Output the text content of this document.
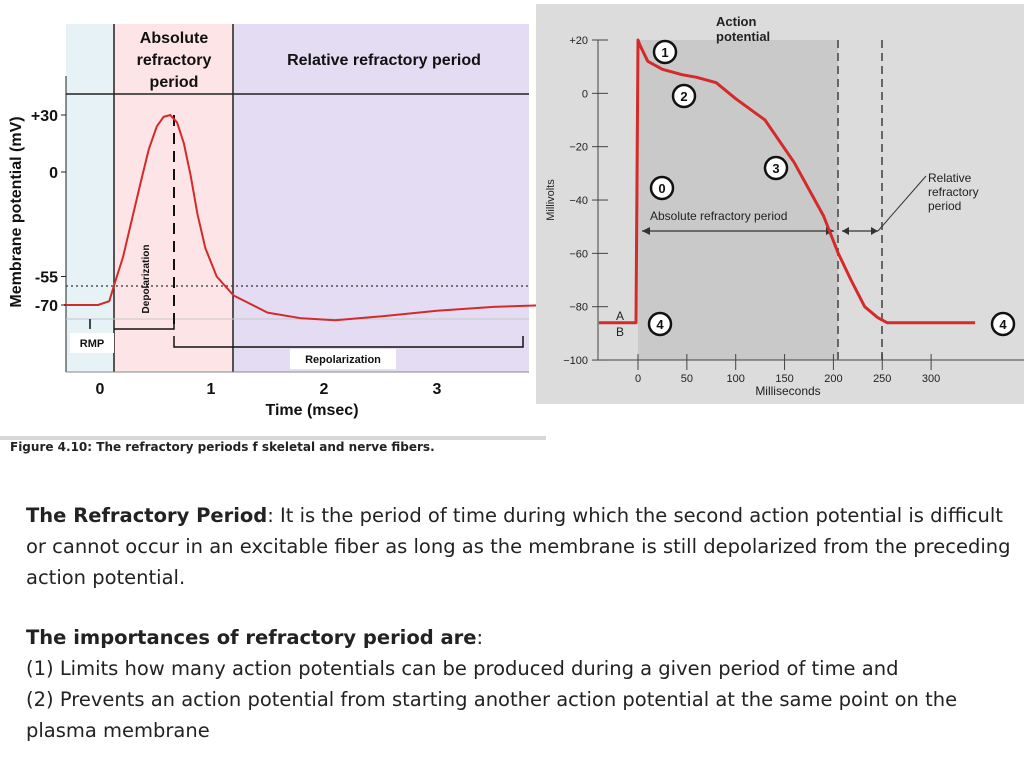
Absolute
refractory
period
Relative refractory period
Membrane potential (mV)
Time (msec)
RMP
Depolarization
Repolarization
+30
0
-55
-70
0	1	2	3
Absolute refractory period
Relative
refractory
period
Action
potential
Millivolts
Milliseconds
A
B
+20
0
−20
−40
−60
−80
−100
0	50	100	150	200	250	300
0
1
2
3
4	4
Figure 4.10: The refractory periods f skeletal and nerve fibers.

The Refractory Period: It is the period of time during which the second action potential is difficult or cannot occur in an excitable fiber as long as the membrane is still depolarized from the preceding action potential.

The importances of refractory period are:

(1) Limits how many action potentials can be produced during a given period of time and

(2) Prevents an action potential from starting another action potential at the same point on the plasma membrane
